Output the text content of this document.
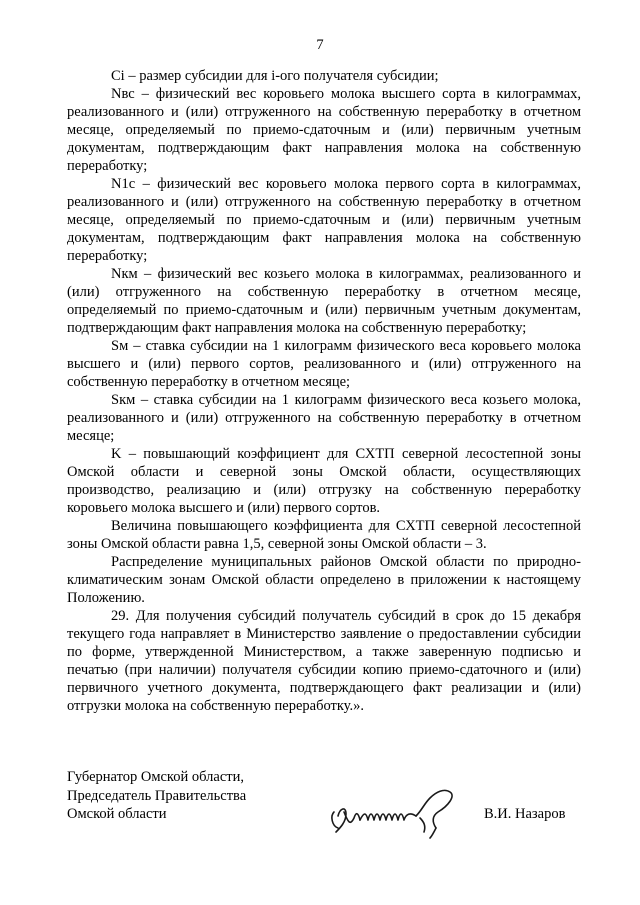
7

Ci – размер субсидии для i-ого получателя субсидии;

Nвс – физический вес коровьего молока высшего сорта в килограммах, реализованного и (или) отгруженного на собственную переработку в отчетном месяце, определяемый по приемо-сдаточным и (или) первичным учетным документам, подтверждающим факт направления молока на собственную переработку;

N1с – физический вес коровьего молока первого сорта в килограммах, реализованного и (или) отгруженного на собственную переработку в отчетном месяце, определяемый по приемо-сдаточным и (или) первичным учетным документам, подтверждающим факт направления молока на собственную переработку;

Nкм – физический вес козьего молока в килограммах, реализованного и (или) отгруженного на собственную переработку в отчетном месяце, определяемый по приемо-сдаточным и (или) первичным учетным документам, подтверждающим факт направления молока на собственную переработку;

Sм – ставка субсидии на 1 килограмм физического веса коровьего молока высшего и (или) первого сортов, реализованного и (или) отгруженного на собственную переработку в отчетном месяце;

Sкм – ставка субсидии на 1 килограмм физического веса козьего молока, реализованного и (или) отгруженного на собственную переработку в отчетном месяце;

K – повышающий коэффициент для СХТП северной лесостепной зоны Омской области и северной зоны Омской области, осуществляющих производство, реализацию и (или) отгрузку на собственную переработку коровьего молока высшего и (или) первого сортов.

Величина повышающего коэффициента для СХТП северной лесостепной зоны Омской области равна 1,5, северной зоны Омской области – 3.

Распределение муниципальных районов Омской области по природно-климатическим зонам Омской области определено в приложении к настоящему Положению.

29. Для получения субсидий получатель субсидий в срок до 15 декабря текущего года направляет в Министерство заявление о предоставлении субсидии по форме, утвержденной Министерством, а также заверенную подписью и печатью (при наличии) получателя субсидии копию приемо-сдаточного и (или) первичного учетного документа, подтверждающего факт реализации и (или) отгрузки молока на собственную переработку.».

Губернатор Омской области,
Председатель Правительства
Омской области	В.И. Назаров
